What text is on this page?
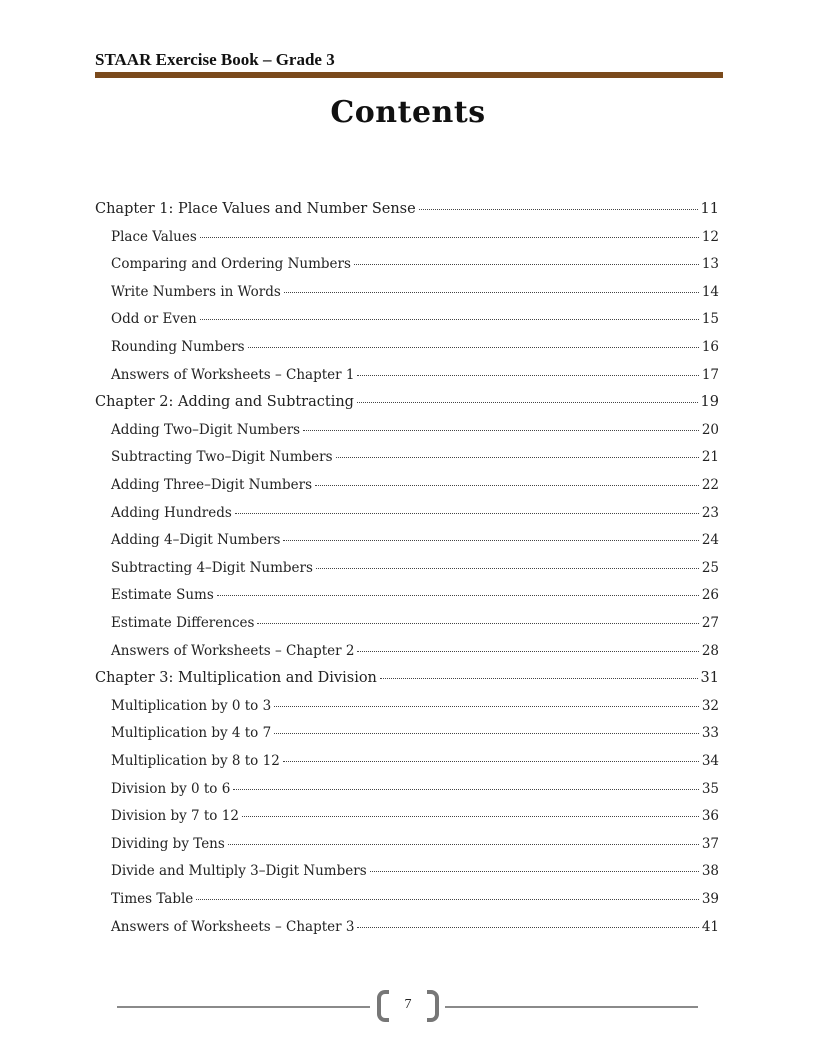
STAAR Exercise Book – Grade 3
Contents
Chapter 1: Place Values and Number Sense	11
Place Values	12
Comparing and Ordering Numbers	13
Write Numbers in Words	14
Odd or Even	15
Rounding Numbers	16
Answers of Worksheets – Chapter 1	17
Chapter 2: Adding and Subtracting	19
Adding Two–Digit Numbers	20
Subtracting Two–Digit Numbers	21
Adding Three–Digit Numbers	22
Adding Hundreds	23
Adding 4–Digit Numbers	24
Subtracting 4–Digit Numbers	25
Estimate Sums	26
Estimate Differences	27
Answers of Worksheets – Chapter 2	28
Chapter 3: Multiplication and Division	31
Multiplication by 0 to 3	32
Multiplication by 4 to 7	33
Multiplication by 8 to 12	34
Division by 0 to 6	35
Division by 7 to 12	36
Dividing by Tens	37
Divide and Multiply 3–Digit Numbers	38
Times Table	39
Answers of Worksheets – Chapter 3	41
7
